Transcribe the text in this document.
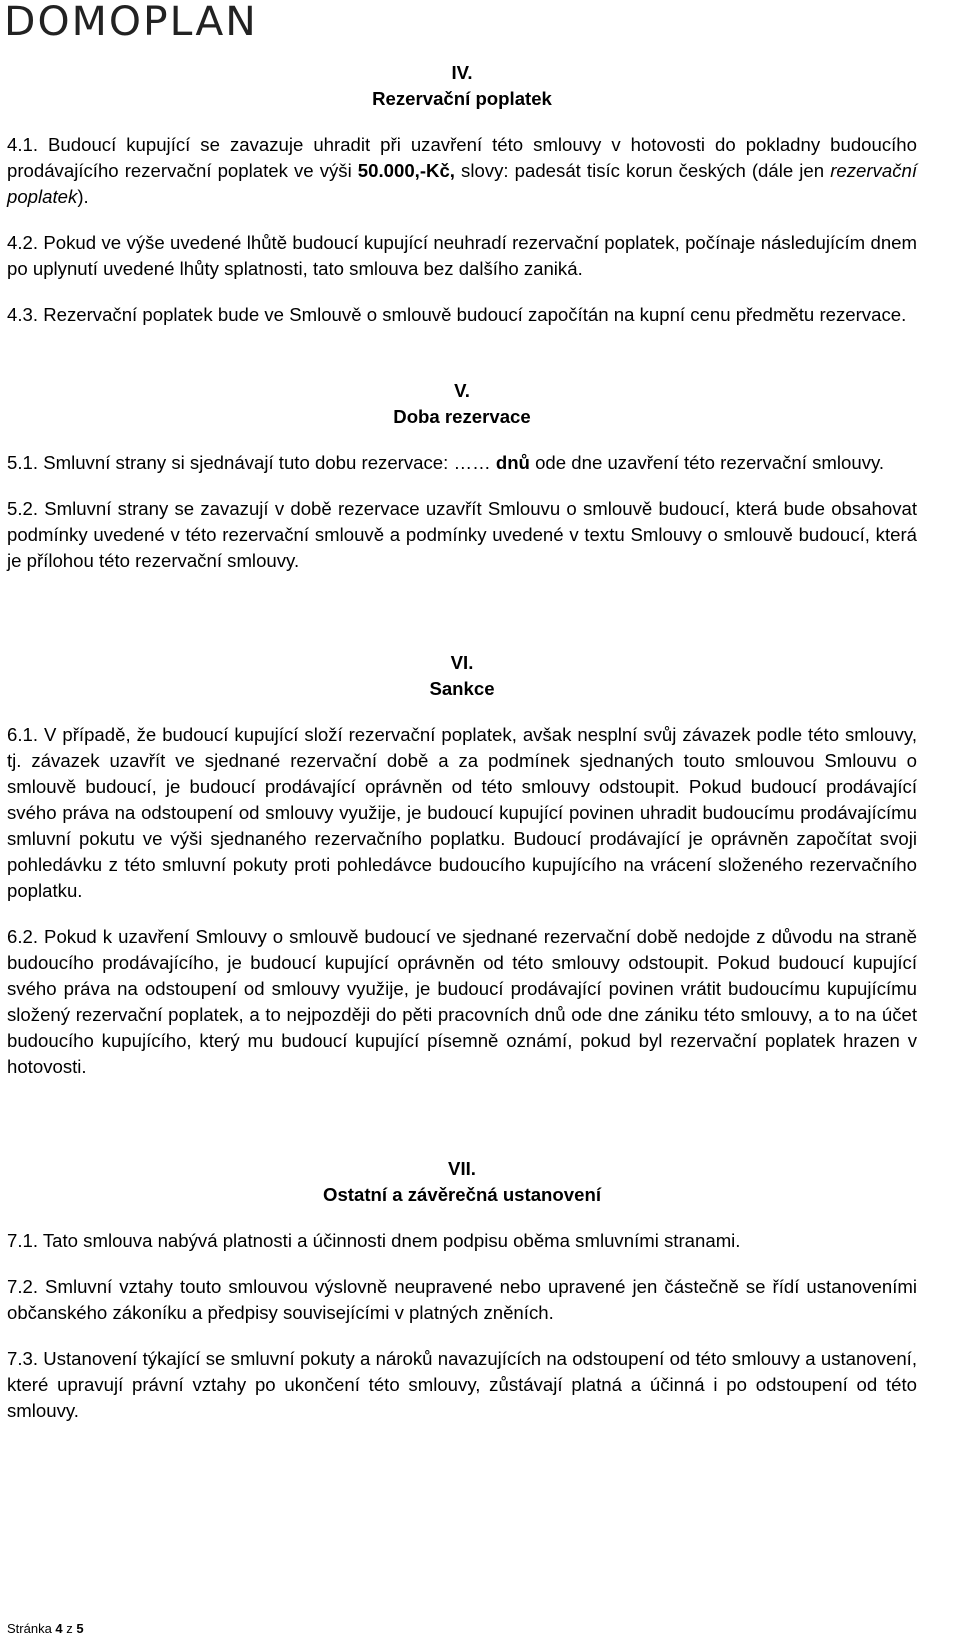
DOMOPLAN
IV.
Rezervační poplatek

4.1. Budoucí kupující se zavazuje uhradit při uzavření této smlouvy v hotovosti do pokladny budoucího prodávajícího rezervační poplatek ve výši 50.000,-Kč, slovy: padesát tisíc korun českých (dále jen rezervační poplatek).

4.2. Pokud ve výše uvedené lhůtě budoucí kupující neuhradí rezervační poplatek, počínaje následujícím dnem po uplynutí uvedené lhůty splatnosti, tato smlouva bez dalšího zaniká.

4.3. Rezervační poplatek bude ve Smlouvě o smlouvě budoucí započítán na kupní cenu předmětu rezervace.

V.
Doba rezervace

5.1. Smluvní strany si sjednávají tuto dobu rezervace: …… dnů ode dne uzavření této rezervační smlouvy.

5.2. Smluvní strany se zavazují v době rezervace uzavřít Smlouvu o smlouvě budoucí, která bude obsahovat podmínky uvedené v této rezervační smlouvě a podmínky uvedené v textu Smlouvy o smlouvě budoucí, která je přílohou této rezervační smlouvy.

VI.
Sankce

6.1. V případě, že budoucí kupující složí rezervační poplatek, avšak nesplní svůj závazek podle této smlouvy, tj. závazek uzavřít ve sjednané rezervační době a za podmínek sjednaných touto smlouvou Smlouvu o smlouvě budoucí, je budoucí prodávající oprávněn od této smlouvy odstoupit. Pokud budoucí prodávající svého práva na odstoupení od smlouvy využije, je budoucí kupující povinen uhradit budoucímu prodávajícímu smluvní pokutu ve výši sjednaného rezervačního poplatku. Budoucí prodávající je oprávněn započítat svoji pohledávku z této smluvní pokuty proti pohledávce budoucího kupujícího na vrácení složeného rezervačního poplatku.

6.2. Pokud k uzavření Smlouvy o smlouvě budoucí ve sjednané rezervační době nedojde z důvodu na straně budoucího prodávajícího, je budoucí kupující oprávněn od této smlouvy odstoupit. Pokud budoucí kupující svého práva na odstoupení od smlouvy využije, je budoucí prodávající povinen vrátit budoucímu kupujícímu složený rezervační poplatek, a to nejpozději do pěti pracovních dnů ode dne zániku této smlouvy, a to na účet budoucího kupujícího, který mu budoucí kupující písemně oznámí, pokud byl rezervační poplatek hrazen v hotovosti.

VII.
Ostatní a závěrečná ustanovení

7.1. Tato smlouva nabývá platnosti a účinnosti dnem podpisu oběma smluvními stranami.

7.2. Smluvní vztahy touto smlouvou výslovně neupravené nebo upravené jen částečně se řídí ustanoveními občanského zákoníku a předpisy souvisejícími v platných zněních.

7.3. Ustanovení týkající se smluvní pokuty a nároků navazujících na odstoupení od této smlouvy a ustanovení, které upravují právní vztahy po ukončení této smlouvy, zůstávají platná a účinná i po odstoupení od této smlouvy.

Stránka 4 z 5
